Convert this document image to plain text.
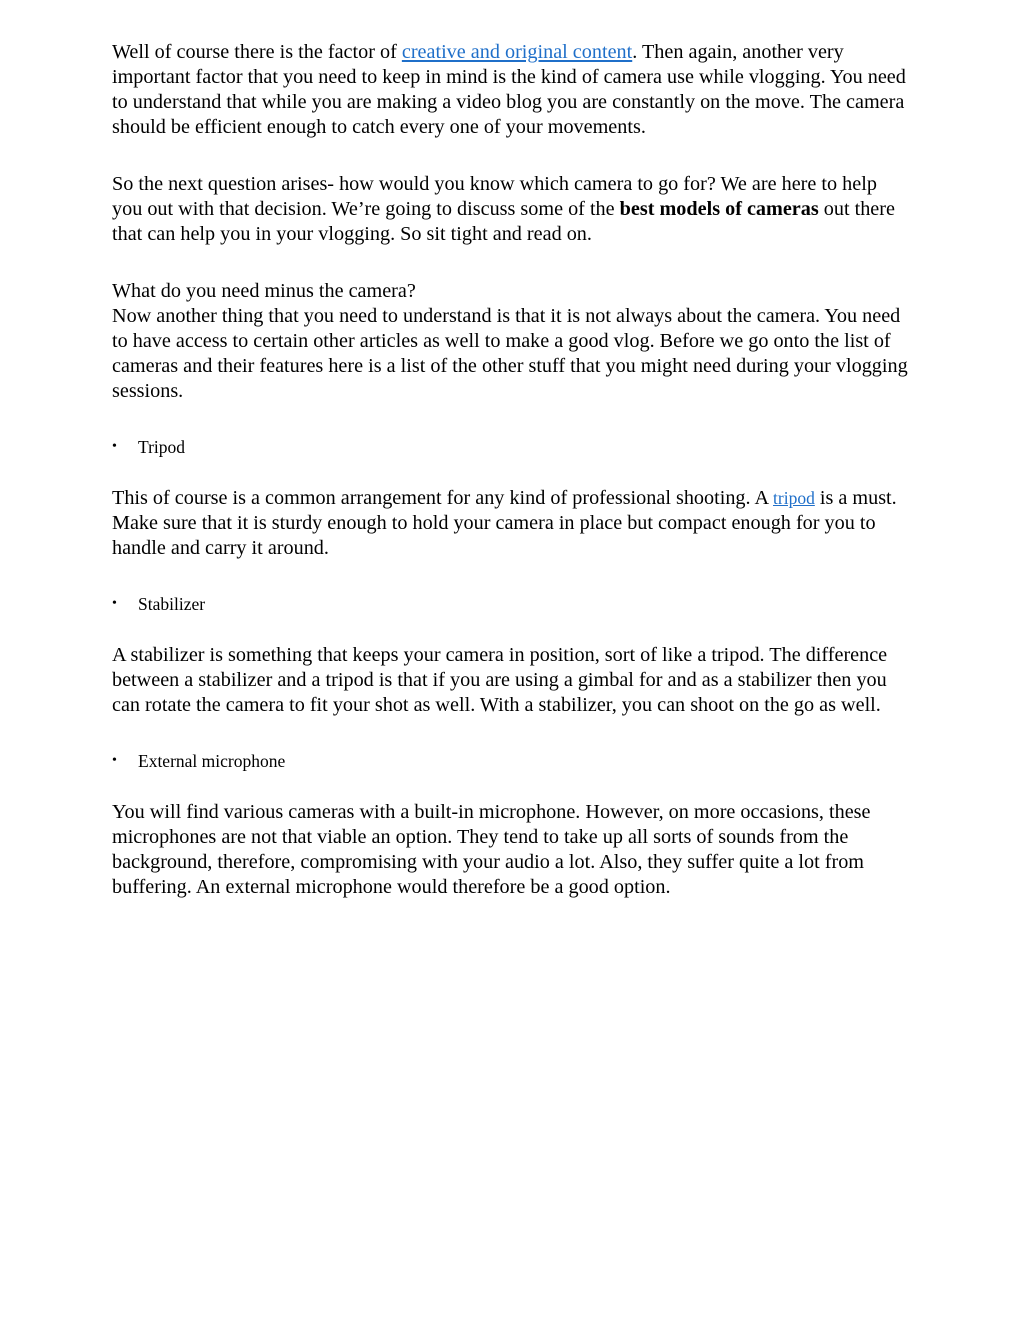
Well of course there is the factor of creative and original content. Then again, another very important factor that you need to keep in mind is the kind of camera use while vlogging. You need to understand that while you are making a video blog you are constantly on the move. The camera should be efficient enough to catch every one of your movements.

So the next question arises- how would you know which camera to go for? We are here to help you out with that decision. We’re going to discuss some of the best models of cameras out there that can help you in your vlogging. So sit tight and read on.

What do you need minus the camera?
Now another thing that you need to understand is that it is not always about the camera. You need to have access to certain other articles as well to make a good vlog. Before we go onto the list of cameras and their features here is a list of the other stuff that you might need during your vlogging sessions.
• Tripod

This of course is a common arrangement for any kind of professional shooting. A tripod is a must. Make sure that it is sturdy enough to hold your camera in place but compact enough for you to handle and carry it around.

• Stabilizer

A stabilizer is something that keeps your camera in position, sort of like a tripod. The difference between a stabilizer and a tripod is that if you are using a gimbal for and as a stabilizer then you can rotate the camera to fit your shot as well. With a stabilizer, you can shoot on the go as well.

• External microphone

You will find various cameras with a built-in microphone. However, on more occasions, these microphones are not that viable an option. They tend to take up all sorts of sounds from the background, therefore, compromising with your audio a lot. Also, they suffer quite a lot from buffering. An external microphone would therefore be a good option.
